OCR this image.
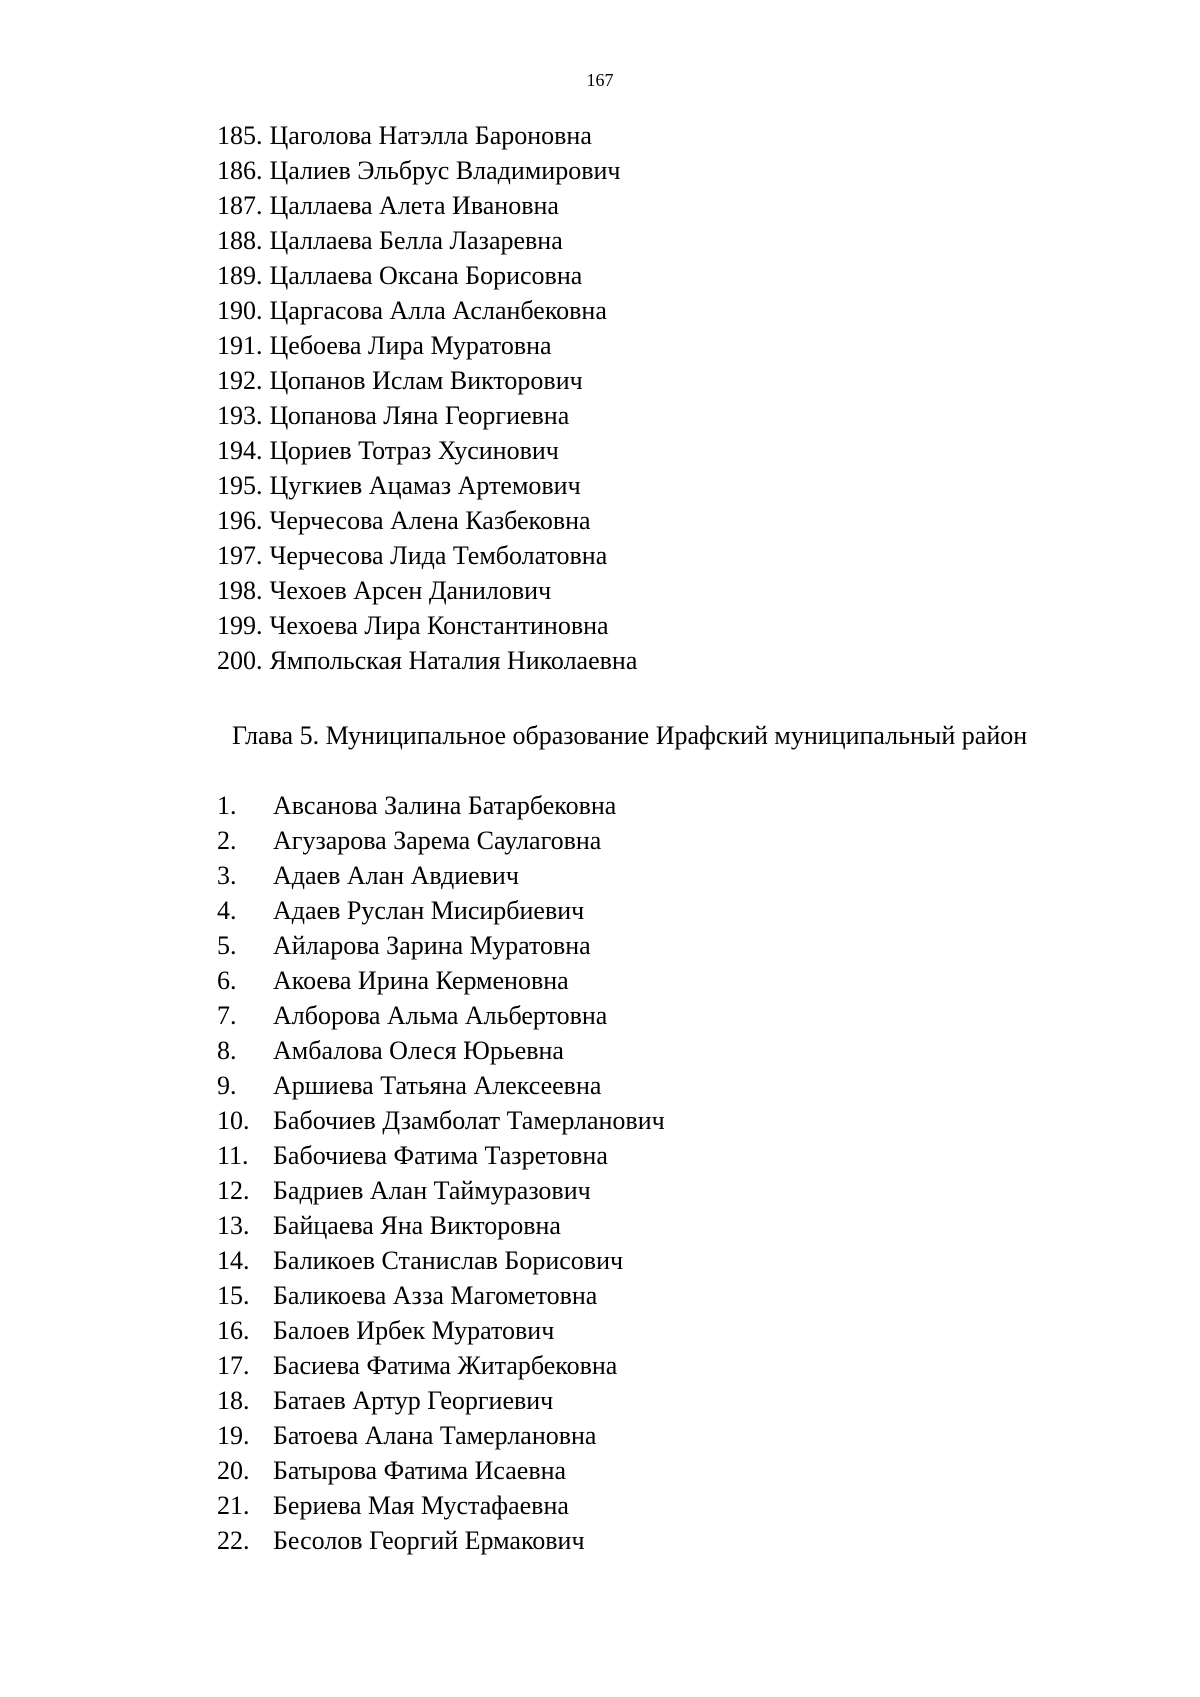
167
185. Цаголова Натэлла Бароновна
186. Цалиев Эльбрус Владимирович
187. Цаллаева Алета Ивановна
188. Цаллаева Белла Лазаревна
189. Цаллаева Оксана Борисовна
190. Царгасова Алла Асланбековна
191. Цебоева Лира Муратовна
192. Цопанов Ислам Викторович
193. Цопанова Ляна Георгиевна
194. Цориев Тотраз Хусинович
195. Цугкиев Ацамаз Артемович
196. Черчесова Алена Казбековна
197. Черчесова Лида Темболатовна
198. Чехоев Арсен Данилович
199. Чехоева Лира Константиновна
200. Ямпольская Наталия Николаевна
Глава 5. Муниципальное образование Ирафский муниципальный район
1. Авсанова Залина Батарбековна
2. Агузарова Зарема Саулаговна
3. Адаев Алан Авдиевич
4. Адаев Руслан Мисирбиевич
5. Айларова Зарина Муратовна
6. Акоева Ирина Керменовна
7. Алборова Альма Альбертовна
8. Амбалова Олеся Юрьевна
9. Аршиева Татьяна Алексеевна
10. Бабочиев Дзамболат Тамерланович
11. Бабочиева Фатима Тазретовна
12. Бадриев Алан Таймуразович
13. Байцаева Яна Викторовна
14. Баликоев Станислав Борисович
15. Баликоева Азза Магометовна
16. Балоев Ирбек Муратович
17. Басиева Фатима Житарбековна
18. Батаев Артур Георгиевич
19. Батоева Алана Тамерлановна
20. Батырова Фатима Исаевна
21. Бериева Мая Мустафаевна
22. Бесолов Георгий Ермакович
